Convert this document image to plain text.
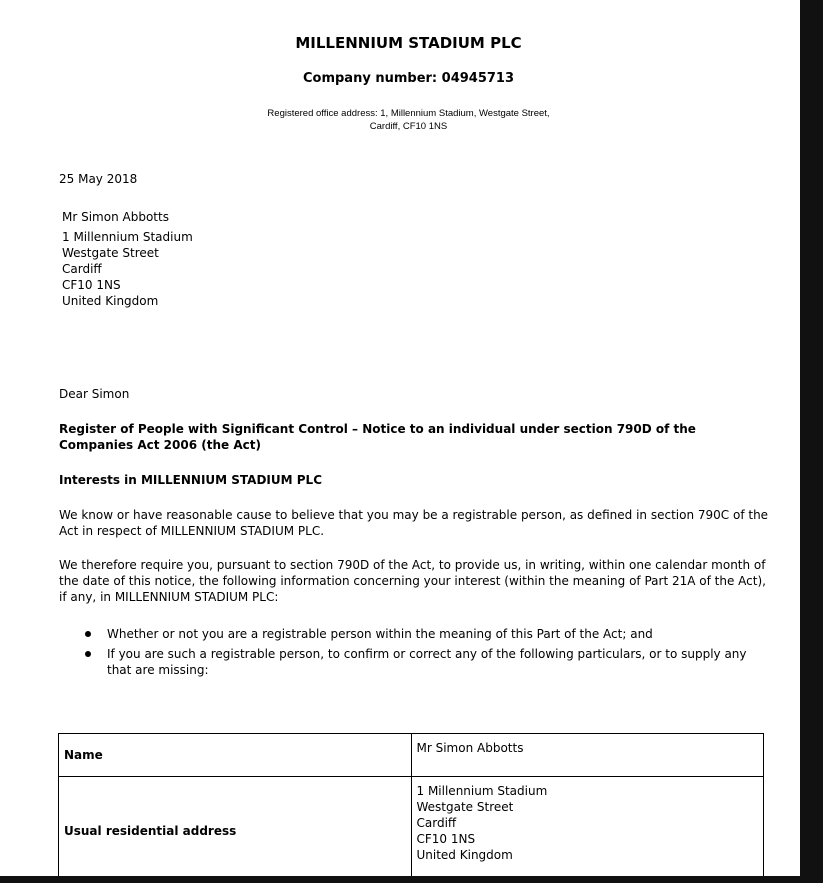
MILLENNIUM STADIUM PLC
Company number: 04945713
Registered office address: 1, Millennium Stadium, Westgate Street,
Cardiff, CF10 1NS
25 May 2018
Mr Simon Abbotts
1 Millennium Stadium
Westgate Street
Cardiff
CF10 1NS
United Kingdom
Dear Simon
Register of People with Significant Control – Notice to an individual under section 790D of the
Companies Act 2006 (the Act)
Interests in MILLENNIUM STADIUM PLC
We know or have reasonable cause to believe that you may be a registrable person, as defined in section 790C of the Act in respect of MILLENNIUM STADIUM PLC.
We therefore require you, pursuant to section 790D of the Act, to provide us, in writing, within one calendar month of the date of this notice, the following information concerning your interest (within the meaning of Part 21A of the Act), if any, in MILLENNIUM STADIUM PLC:
Whether or not you are a registrable person within the meaning of this Part of the Act; and
If you are such a registrable person, to confirm or correct any of the following particulars, or to supply any that are missing:
Name	Mr Simon Abbotts
Usual residential address	1 Millennium Stadium
Westgate Street
Cardiff
CF10 1NS
United Kingdom
